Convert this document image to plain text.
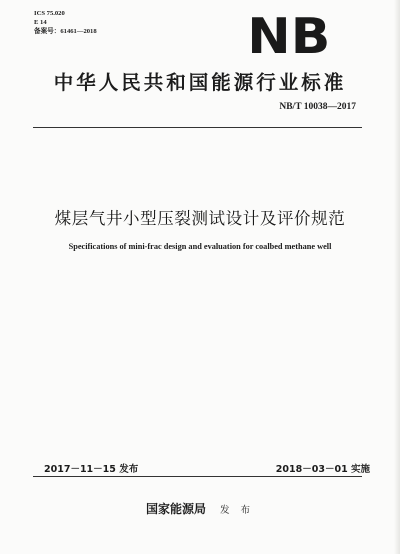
ICS 75.020
E 14
备案号：61461—2018	NB
中华人民共和国能源行业标准
NB/T 10038—2017
煤层气井小型压裂测试设计及评价规范
Specifications of mini-frac design and evaluation for coalbed methane well
2017－11－15 发布	2018－03－01 实施
国家能源局 发 布
